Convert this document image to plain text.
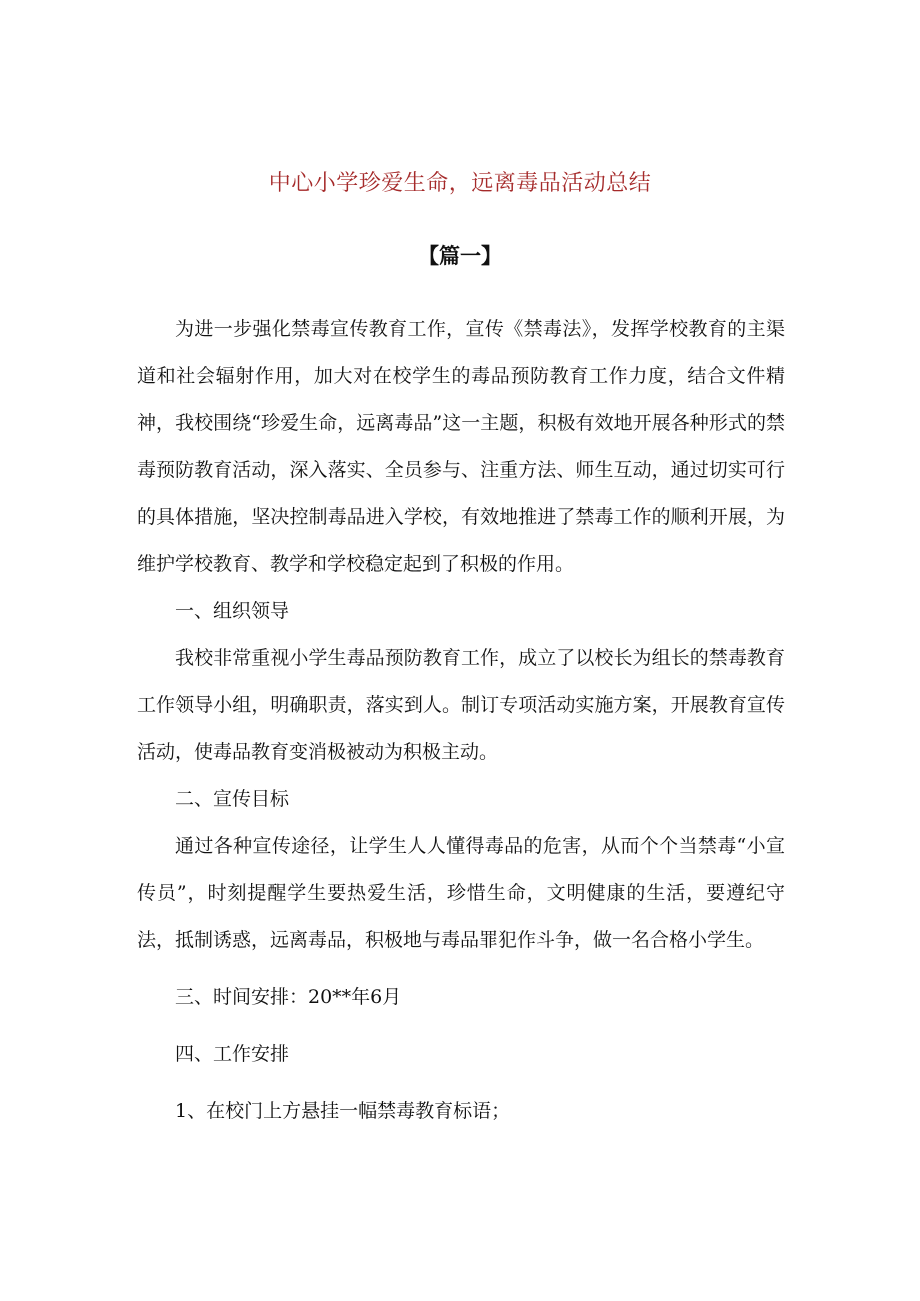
中心小学珍爱生命，远离毒品活动总结
【篇一】

为进一步强化禁毒宣传教育工作，宣传《禁毒法》，发挥学校教育的主渠道和社会辐射作用，加大对在校学生的毒品预防教育工作力度，结合文件精神，我校围绕“珍爱生命，远离毒品”这一主题，积极有效地开展各种形式的禁毒预防教育活动，深入落实、全员参与、注重方法、师生互动，通过切实可行的具体措施，坚决控制毒品进入学校，有效地推进了禁毒工作的顺利开展，为维护学校教育、教学和学校稳定起到了积极的作用。

一、组织领导

我校非常重视小学生毒品预防教育工作，成立了以校长为组长的禁毒教育工作领导小组，明确职责，落实到人。制订专项活动实施方案，开展教育宣传活动，使毒品教育变消极被动为积极主动。

二、宣传目标

通过各种宣传途径，让学生人人懂得毒品的危害，从而个个当禁毒“小宣传员”，时刻提醒学生要热爱生活，珍惜生命，文明健康的生活，要遵纪守法，抵制诱惑，远离毒品，积极地与毒品罪犯作斗争，做一名合格小学生。

三、时间安排：20**年6月

四、工作安排

1、在校门上方悬挂一幅禁毒教育标语；
